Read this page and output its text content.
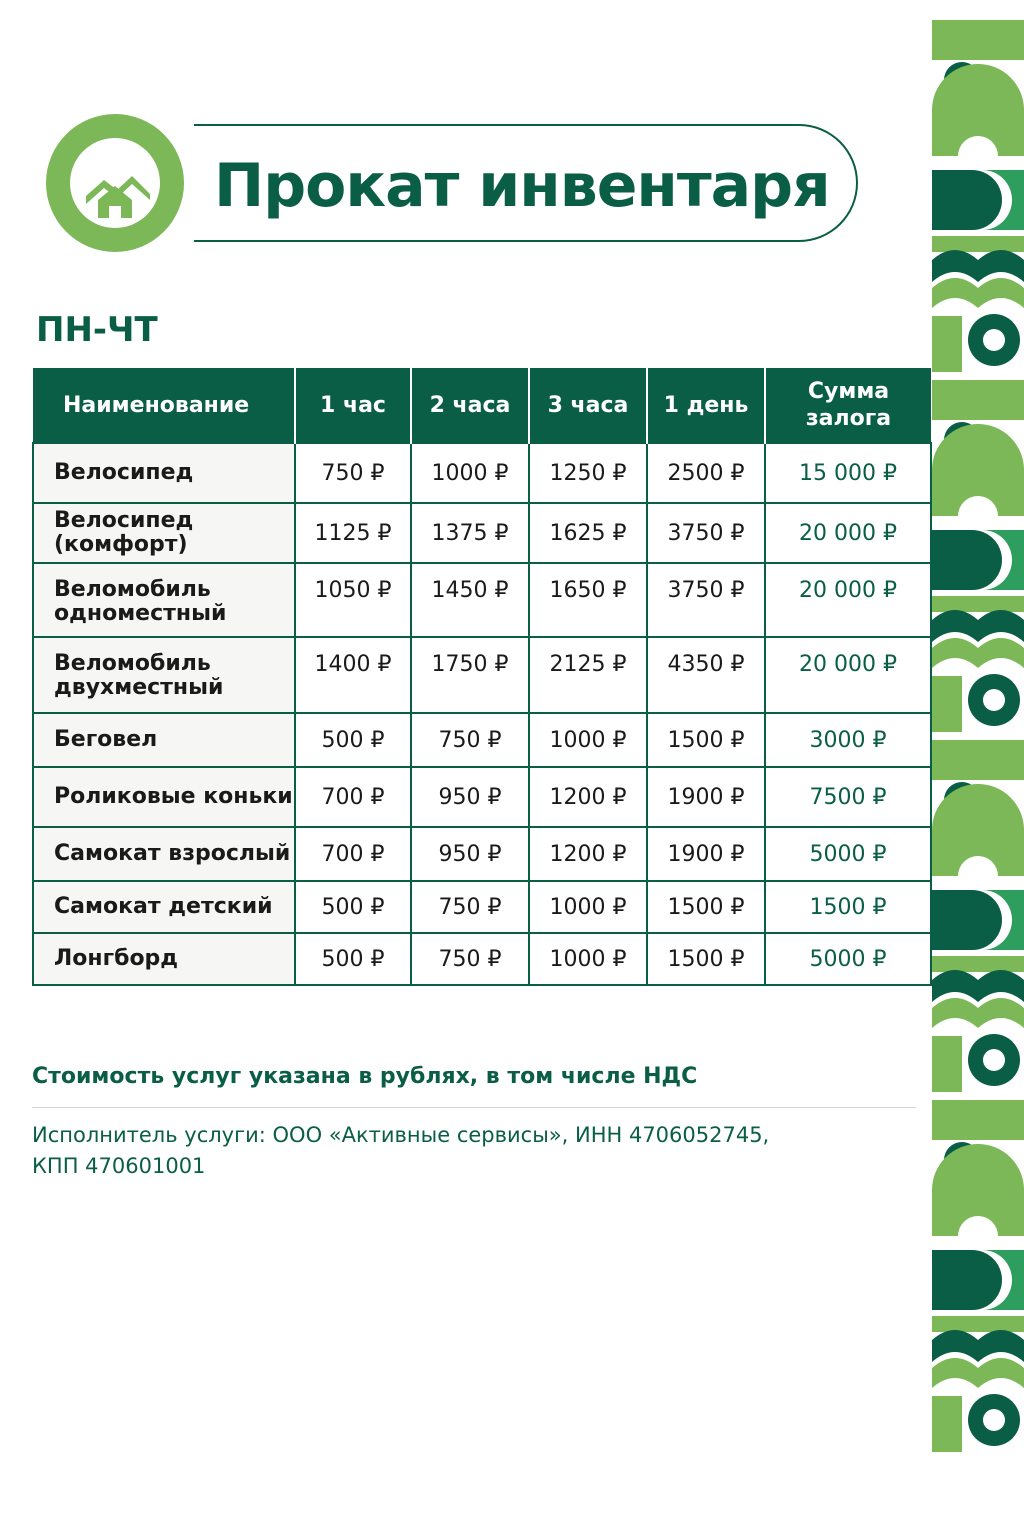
Прокат инвентаря
ПН-ЧТ
Наименование	1 час	2 часа	3 часа	1 день	Сумма залога
Велосипед	750 ₽	1000 ₽	1250 ₽	2500 ₽	15 000 ₽
Велосипед (комфорт)	1125 ₽	1375 ₽	1625 ₽	3750 ₽	20 000 ₽
Веломобиль одноместный	1050 ₽	1450 ₽	1650 ₽	3750 ₽	20 000 ₽
Веломобиль двухместный	1400 ₽	1750 ₽	2125 ₽	4350 ₽	20 000 ₽
Беговел	500 ₽	750 ₽	1000 ₽	1500 ₽	3000 ₽
Роликовые коньки	700 ₽	950 ₽	1200 ₽	1900 ₽	7500 ₽
Самокат взрослый	700 ₽	950 ₽	1200 ₽	1900 ₽	5000 ₽
Самокат детский	500 ₽	750 ₽	1000 ₽	1500 ₽	1500 ₽
Лонгборд	500 ₽	750 ₽	1000 ₽	1500 ₽	5000 ₽
Стоимость услуг указана в рублях, в том числе НДС
Исполнитель услуги: ООО «Активные сервисы», ИНН 4706052745, КПП 470601001
